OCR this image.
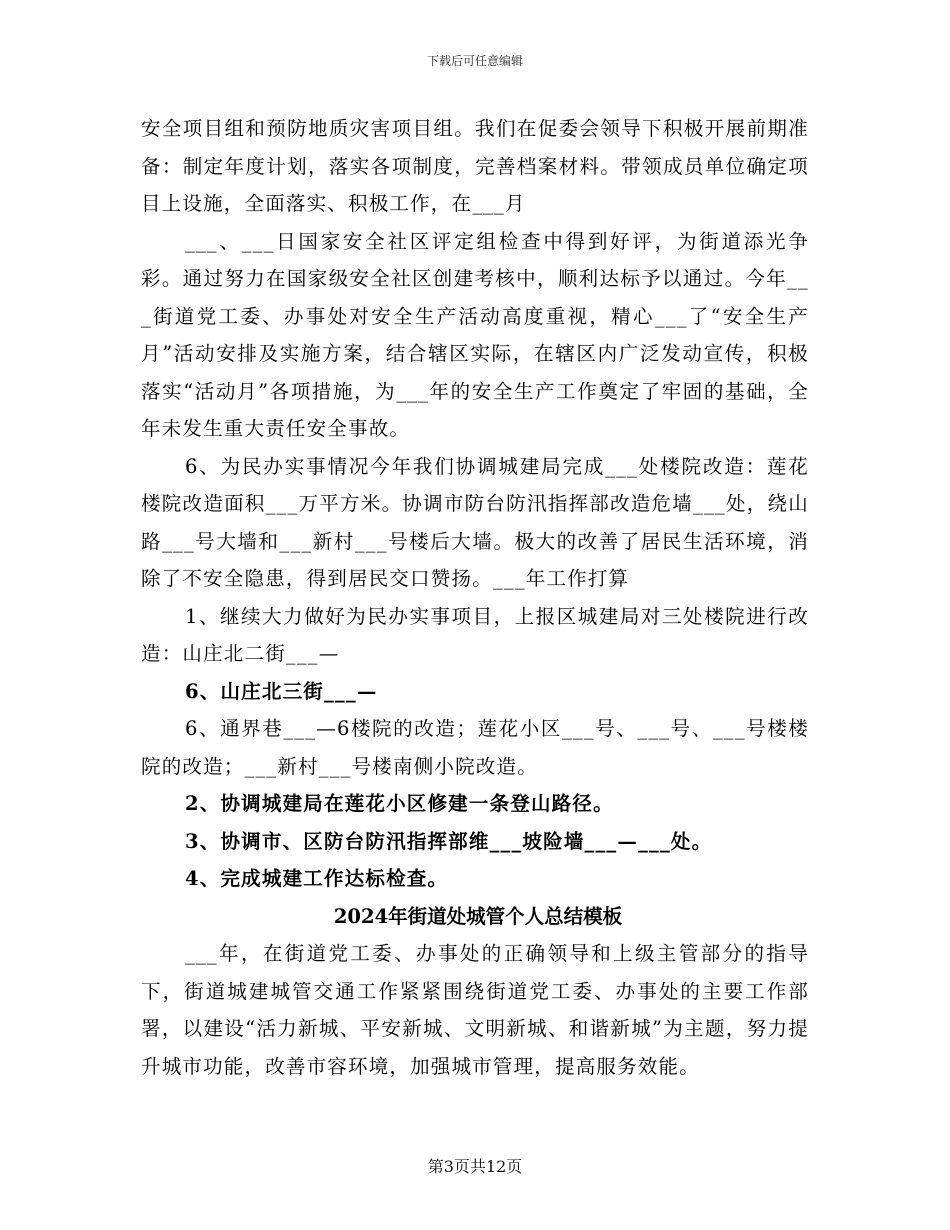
下载后可任意编辑

安全项目组和预防地质灾害项目组。我们在促委会领导下积极开展前期准备：制定年度计划，落实各项制度，完善档案材料。带领成员单位确定项目上设施，全面落实、积极工作，在___月

___、___日国家安全社区评定组检查中得到好评，为街道添光争彩。通过努力在国家级安全社区创建考核中，顺利达标予以通过。今年___街道党工委、办事处对安全生产活动高度重视，精心___了“安全生产月”活动安排及实施方案，结合辖区实际，在辖区内广泛发动宣传，积极落实“活动月”各项措施，为___年的安全生产工作奠定了牢固的基础，全年未发生重大责任安全事故。

6、为民办实事情况今年我们协调城建局完成___处楼院改造：莲花楼院改造面积___万平方米。协调市防台防汛指挥部改造危墙___处，绕山路___号大墙和___新村___号楼后大墙。极大的改善了居民生活环境，消除了不安全隐患，得到居民交口赞扬。___年工作打算

1、继续大力做好为民办实事项目，上报区城建局对三处楼院进行改造：山庄北二街___—

6、山庄北三街___—

6、通界巷___—6楼院的改造；莲花小区___号、___号、___号楼楼院的改造；___新村___号楼南侧小院改造。

2、协调城建局在莲花小区修建一条登山路径。

3、协调市、区防台防汛指挥部维___坡险墙___—___处。

4、完成城建工作达标检查。

2024年街道处城管个人总结模板

___年，在街道党工委、办事处的正确领导和上级主管部分的指导下，街道城建城管交通工作紧紧围绕街道党工委、办事处的主要工作部署，以建设“活力新城、平安新城、文明新城、和谐新城”为主题，努力提升城市功能，改善市容环境，加强城市管理，提高服务效能。

第3页共12页
